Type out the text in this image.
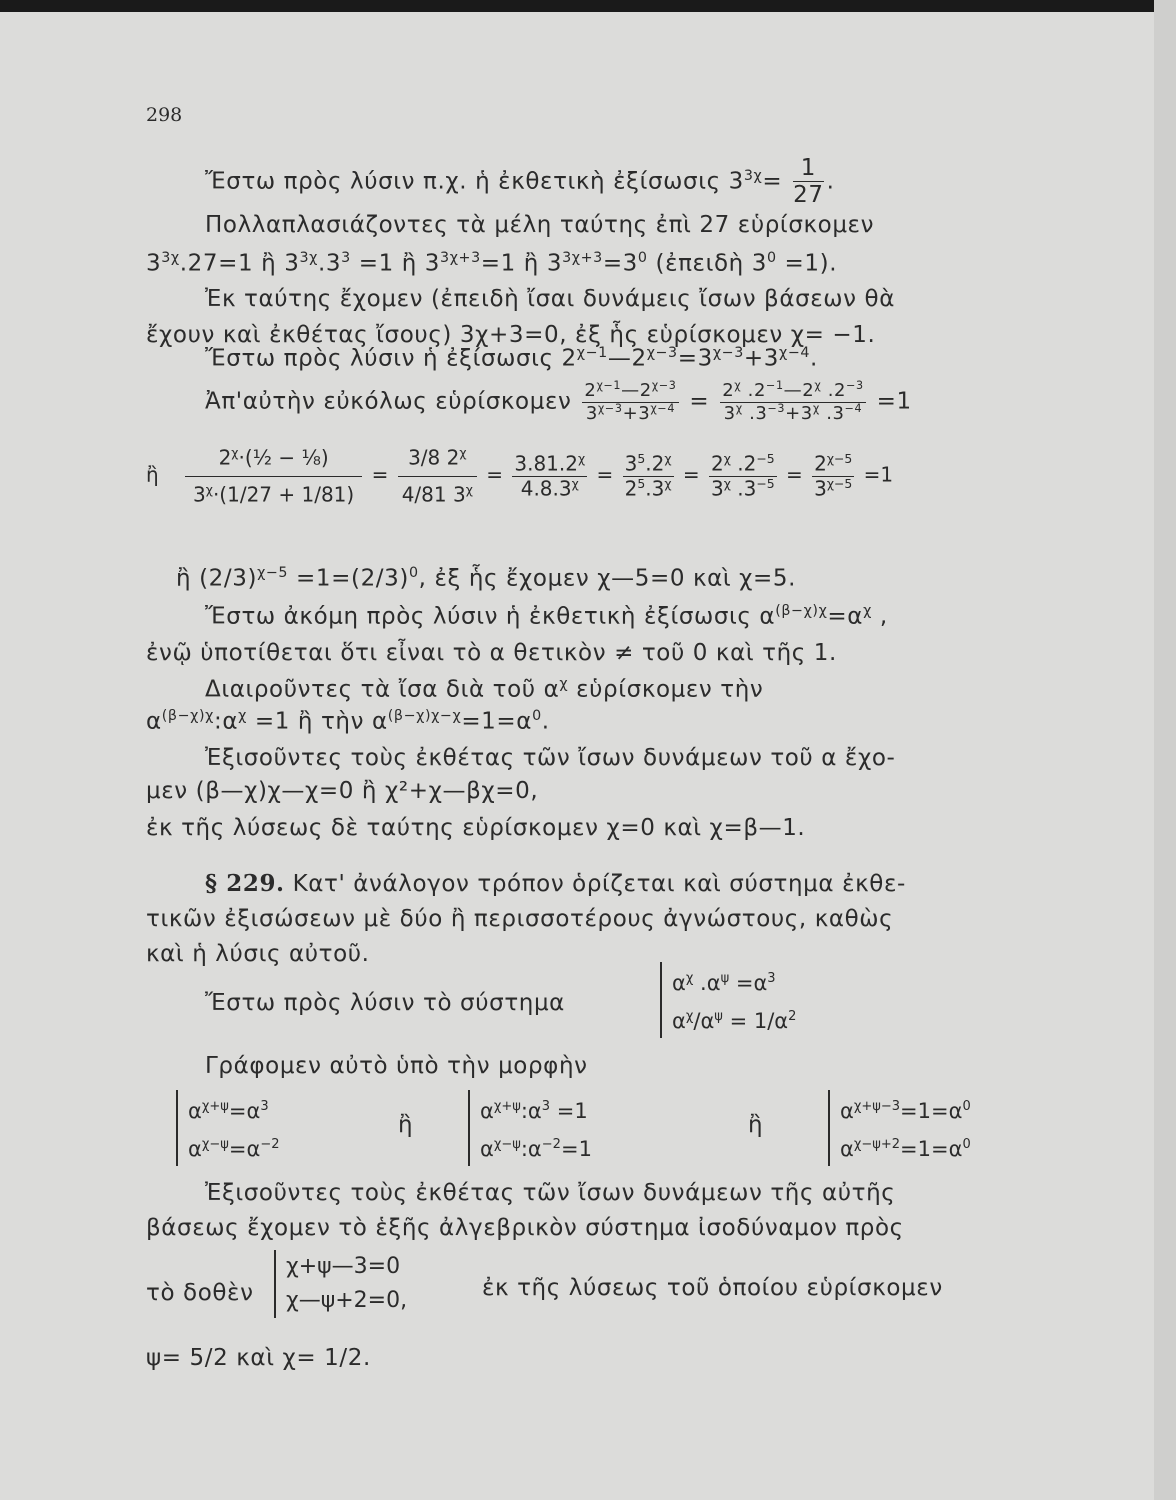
298
Ἔστω πρὸς λύσιν π.χ. ἡ ἐκθετικὴ ἐξίσωσις $3^{3\chi}= \frac{1}{27}$ .
Πολλαπλασιάζοντες τὰ μέλη ταύτης ἐπὶ 27 εὑρίσκομεν
$3^{3\chi}.27=1$ ἢ $3^{3\chi}.3^3 =1$ ἢ $3^{3\chi+3}=1$ ἢ $3^{3\chi+3}=3^0$ (ἐπειδὴ $3^0 =1$).
Ἐκ ταύτης ἔχομεν (ἐπειδὴ ἴσαι δυνάμεις ἴσων βάσεων θὰ
ἔχουν καὶ ἐκθέτας ἴσους) 3χ+3=0, ἐξ ἧς εὑρίσκομεν χ= −1.
Ἔστω πρὸς λύσιν ἡ ἐξίσωσις $2^{\chi-1}—2^{\chi-3}=3^{\chi-3}+3^{\chi-4}$.
Ἀπ'αὐτὴν εὐκόλως εὑρίσκομεν $\frac{2^{\chi-1}—2^{\chi-3}}{3^{\chi-3}+3^{\chi-4}} = \frac{2^\chi .2^{-1}—2^\chi .2^{-3}}{3^\chi .3^{-3}+3^\chi .3^{-4}} =1$
ἢ $\frac{2^\chi\cdot(\frac{1}{2} - \frac{1}{8})}{3^\chi\cdot(1/27 + 1/81)} = \frac{3/8 2^\chi}{4/81 3^\chi} = \frac{3.81.2^\chi}{4.8.3^\chi} = \frac{3^5.2^\chi}{2^5.3^\chi} = \frac{2^\chi .2^{-5}}{3^\chi .3^{-5}} = \frac{2^{\chi-5}}{3^{\chi-5}} =1$
ἢ $(2/3)^{\chi-5} =1=(2/3)^0$, ἐξ ἧς ἔχομεν χ—5=0 καὶ χ=5.
Ἔστω ἀκόμη πρὸς λύσιν ἡ ἐκθετικὴ ἐξίσωσις $\alpha^{(\beta-\chi)\chi}=\alpha^\chi$ ,
ἐνῷ ὑποτίθεται ὅτι εἶναι τὸ α θετικὸν ≠ τοῦ 0 καὶ τῆς 1.
Διαιροῦντες τὰ ἴσα διὰ τοῦ $\alpha^\chi$ εὑρίσκομεν τὴν
$\alpha^{(\beta-\chi)\chi}:\alpha^\chi =1$ ἢ τὴν $\alpha^{(\beta-\chi)\chi-\chi}=1=\alpha^0$.
Ἐξισοῦντες τοὺς ἐκθέτας τῶν ἴσων δυνάμεων τοῦ α ἔχο-
μεν (β—χ)χ—χ=0 ἢ χ²+χ—βχ=0,
ἐκ τῆς λύσεως δὲ ταύτης εὑρίσκομεν χ=0 καὶ χ=β—1.
§ 229. Κατ' ἀνάλογον τρόπον ὁρίζεται καὶ σύστημα ἐκθε-
τικῶν ἐξισώσεων μὲ δύο ἢ περισσοτέρους ἀγνώστους, καθὼς
καὶ ἡ λύσις αὐτοῦ.
Ἔστω πρὸς λύσιν τὸ σύστημα
$\alpha^\chi$ $.\alpha^\psi =\alpha^3$
$\alpha^\chi/\alpha^\psi = 1/\alpha^2$
Γράφομεν αὐτὸ ὑπὸ τὴν μορφὴν
$\alpha^{\chi+\psi}=\alpha^3$
$\alpha^{\chi-\psi}=\alpha^{-2}$
ἢ
$\alpha^{\chi+\psi}:\alpha^3 =1$
$\alpha^{\chi-\psi}:\alpha^{-2}=1$
ἢ
$\alpha^{\chi+\psi-3}=1=\alpha^0$
$\alpha^{\chi-\psi+2}=1=\alpha^0$
Ἐξισοῦντες τοὺς ἐκθέτας τῶν ἴσων δυνάμεων τῆς αὐτῆς
βάσεως ἔχομεν τὸ ἑξῆς ἀλγεβρικὸν σύστημα ἰσοδύναμον πρὸς
τὸ δοθὲν
χ+ψ—3=0
χ—ψ+2=0,	ἐκ τῆς λύσεως τοῦ ὁποίου εὑρίσκομεν
ψ= 5/2 καὶ χ= 1/2.
